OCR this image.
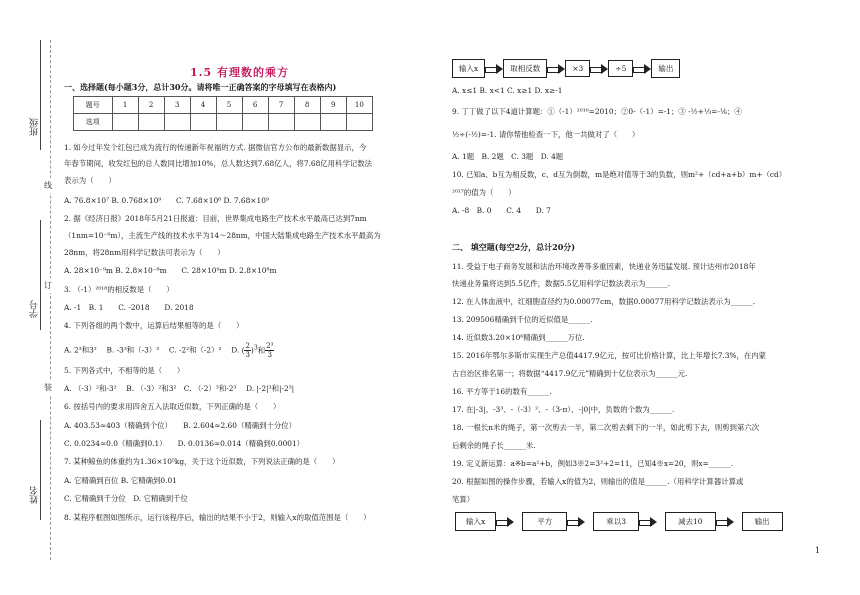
班级
学号
姓名
线
订
装
1.5 有理数的乘方
一、选择题(每小题3分，总计30分。请将唯一正确答案的字母填写在表格内)
题号	1	2	3	4	5	6	7	8	9	10
选项										
1. 如今过年发个红包已成为流行的传递新年祝福的方式. 据微信官方公布的最新数据显示，今
年春节期间，收发红包的总人数同比增加10%，总人数达到7.68亿人，将7.68亿用科学记数法
表示为（　　）
A. 76.8×10⁷ B. 0.768×10⁹　　C. 7.68×10⁸ D. 7.68×10⁹
2. 据《经济日报》2018年5月21日报道：目前，世界集成电路生产技术水平最高已达到7nm
（1nm=10⁻⁹m），主流生产线的技术水平为14～28nm，中国大陆集成电路生产技术水平最高为
28nm，将28nm用科学记数法可表示为（　　）
A. 28×10⁻⁹m B. 2.8×10⁻⁸m　　C. 28×10⁹m D. 2.8×10⁸m
3. （-1）²⁰¹⁸的相反数是（　　）
A. -1　B. 1　　C. -2018　　D. 2018
4. 下列各组的两个数中，运算后结果相等的是（　　）
A. 2³和3²　 B. -3³和（-3）³　 C. -2²和（-2）²　 D. ( $\frac{2}{3} )^3$和 $\frac{\text{2³}}{3}$
5. 下列各式中，不相等的是（　　）
A. （-3）²和-3²　 B. （-3）²和3²　C. （-2）³和-2³　 D. |-2|³和|-2³|
6. 按括号内的要求用四舍五入法取近似数，下列正确的是（　　）
A. 403.53≈403（精确到个位）　　B. 2.604≈2.60（精确到十分位）
C. 0.0234≈0.0（精确到0.1）　　D. 0.0136≈0.014（精确到0.0001）
7. 某种鲸鱼的体重约为1.36×10⁵kg，关于这个近似数，下列说法正确的是（　　）
A. 它精确到百位 B. 它精确到0.01
C. 它精确到千分位　D. 它精确到千位
8. 某程序框图如图所示，运行该程序后，输出的结果不小于2，则输入x的取值范围是（　　）
输入x	取相反数	×3	÷5	输出
A. x≤1 B. x<1 C. x≥1 D. x≥-1
9. 丁丁做了以下4道计算题：①（-1）²⁰¹⁰=2010；②0-（-1）=-1；③ -½+⅓=-⅙；④
½÷(-½)=-1. 请你帮他检查一下，他一共做对了（　　）
A. 1题　B. 2题　C. 3题　D. 4题
10. 已知a、b互为相反数，c、d互为倒数，m是绝对值等于3的负数，则m²+（cd+a+b）m+（cd）
²⁰¹⁷的值为（　　）
A. -8　B. 0　　C. 4　　D. 7
二、 填空题(每空2分，总计20分)
11. 受益于电子商务发展和法治环境改善等多重因素，快递业务迅猛发展. 预计达州市2018年
快递业务量将达到5.5亿件，数据5.5亿用科学记数法表示为______.
12. 在人体血液中，红细胞直径约为0.00077cm，数据0.00077用科学记数法表示为______.
13. 209506精确到千位的近似值是______.
14. 近似数3.20×10⁶精确到______万位.
15. 2016年鄂尔多斯市实现生产总值4417.9亿元，按可比价格计算，比上年增长7.3%，在内蒙
古自治区排名第一；将数据“4417.9亿元”精确到十亿位表示为______元.
16. 平方等于16的数有______.
17. 在|-3|、-3³、-（-3）²、-（3-π）、-|0|中，负数的个数为______.
18. 一根长n米的绳子，第一次剪去一半，第二次剪去剩下的一半，如此剪下去，则剪到第六次
后剩余的绳子长______米.
19. 定义新运算：a※b=a²+b，例如3※2=3²+2=11，已知4※x=20，则x=______.
20. 根据如图的操作步骤，若输入x的值为2，则输出的值是______.（用科学计算器计算或
笔算）
输入x	平方	乘以3	减去10	输出
1
